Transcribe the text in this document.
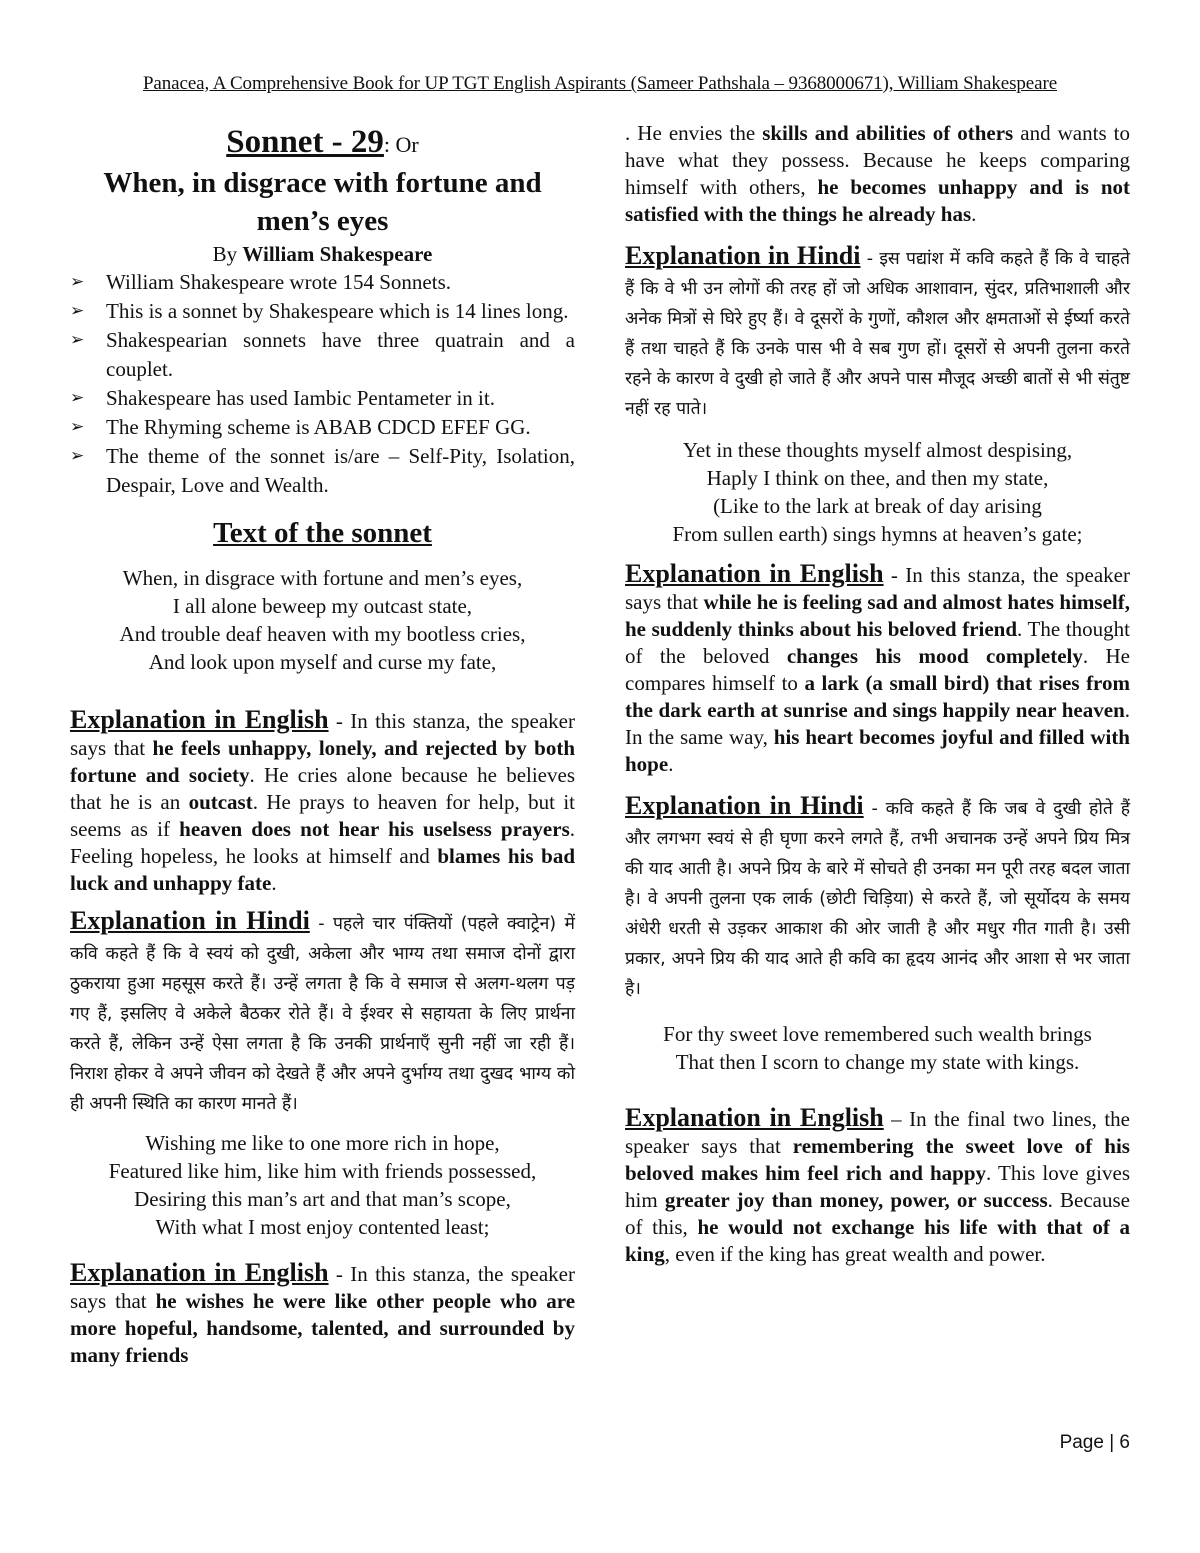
Panacea, A Comprehensive Book for UP TGT English Aspirants (Sameer Pathshala – 9368000671), William Shakespeare
Sonnet - 29: Or
When, in disgrace with fortune and
men’s eyes
By William Shakespeare
➢ William Shakespeare wrote 154 Sonnets.
➢ This is a sonnet by Shakespeare which is 14 lines long.
➢ Shakespearian sonnets have three quatrain and a couplet.
➢ Shakespeare has used Iambic Pentameter in it.
➢ The Rhyming scheme is ABAB CDCD EFEF GG.
➢ The theme of the sonnet is/are – Self-Pity, Isolation, Despair, Love and Wealth.
Text of the sonnet
When, in disgrace with fortune and men’s eyes,
I all alone beweep my outcast state,
And trouble deaf heaven with my bootless cries,
And look upon myself and curse my fate,

Explanation in English - In this stanza, the speaker says that he feels unhappy, lonely, and rejected by both fortune and society. He cries alone because he believes that he is an outcast. He prays to heaven for help, but it seems as if heaven does not hear his uselsess prayers. Feeling hopeless, he looks at himself and blames his bad luck and unhappy fate.

Explanation in Hindi - पहले चार पंक्तियों (पहले क्वाट्रेन) में कवि कहते हैं कि वे स्वयं को दुखी, अकेला और भाग्य तथा समाज दोनों द्वारा ठुकराया हुआ महसूस करते हैं। उन्हें लगता है कि वे समाज से अलग-थलग पड़ गए हैं, इसलिए वे अकेले बैठकर रोते हैं। वे ईश्वर से सहायता के लिए प्रार्थना करते हैं, लेकिन उन्हें ऐसा लगता है कि उनकी प्रार्थनाएँ सुनी नहीं जा रही हैं। निराश होकर वे अपने जीवन को देखते हैं और अपने दुर्भाग्य तथा दुखद भाग्य को ही अपनी स्थिति का कारण मानते हैं।

Wishing me like to one more rich in hope,
Featured like him, like him with friends possessed,
Desiring this man’s art and that man’s scope,
With what I most enjoy contented least;

Explanation in English - In this stanza, the speaker says that he wishes he were like other people who are more hopeful, handsome, talented, and surrounded by many friends

. He envies the skills and abilities of others and wants to have what they possess. Because he keeps comparing himself with others, he becomes unhappy and is not satisfied with the things he already has.

Explanation in Hindi - इस पद्यांश में कवि कहते हैं कि वे चाहते हैं कि वे भी उन लोगों की तरह हों जो अधिक आशावान, सुंदर, प्रतिभाशाली और अनेक मित्रों से घिरे हुए हैं। वे दूसरों के गुणों, कौशल और क्षमताओं से ईर्ष्या करते हैं तथा चाहते हैं कि उनके पास भी वे सब गुण हों। दूसरों से अपनी तुलना करते रहने के कारण वे दुखी हो जाते हैं और अपने पास मौजूद अच्छी बातों से भी संतुष्ट नहीं रह पाते।

Yet in these thoughts myself almost despising,
Haply I think on thee, and then my state,
(Like to the lark at break of day arising
From sullen earth) sings hymns at heaven’s gate;

Explanation in English - In this stanza, the speaker says that while he is feeling sad and almost hates himself, he suddenly thinks about his beloved friend. The thought of the beloved changes his mood completely. He compares himself to a lark (a small bird) that rises from the dark earth at sunrise and sings happily near heaven. In the same way, his heart becomes joyful and filled with hope.

Explanation in Hindi - कवि कहते हैं कि जब वे दुखी होते हैं और लगभग स्वयं से ही घृणा करने लगते हैं, तभी अचानक उन्हें अपने प्रिय मित्र की याद आती है। अपने प्रिय के बारे में सोचते ही उनका मन पूरी तरह बदल जाता है। वे अपनी तुलना एक लार्क (छोटी चिड़िया) से करते हैं, जो सूर्योदय के समय अंधेरी धरती से उड़कर आकाश की ओर जाती है और मधुर गीत गाती है। उसी प्रकार, अपने प्रिय की याद आते ही कवि का हृदय आनंद और आशा से भर जाता है।

For thy sweet love remembered such wealth brings
That then I scorn to change my state with kings.

Explanation in English – In the final two lines, the speaker says that remembering the sweet love of his beloved makes him feel rich and happy. This love gives him greater joy than money, power, or success. Because of this, he would not exchange his life with that of a king, even if the king has great wealth and power.

Page | 6
